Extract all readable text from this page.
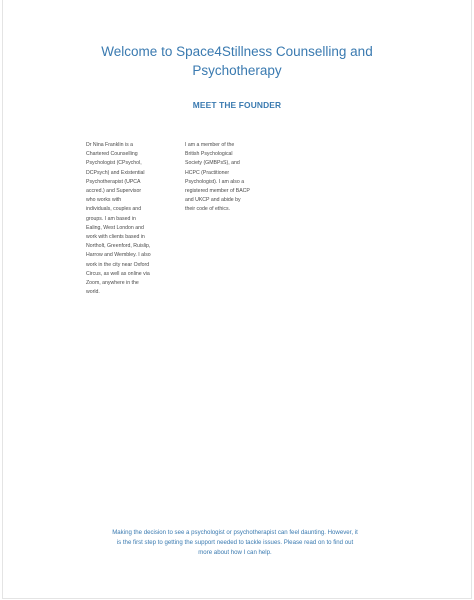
Welcome to Space4Stillness Counselling and
Psychotherapy
MEET THE FOUNDER
Dr Nina Franklin is a
Chartered Counselling
Psychologist (CPsychol,
DCPsych) and Existential
Psychotherapist (UPCA
accred.) and Supervisor
who works with
individuals, couples and
groups. I am based in
Ealing, West London and
work with clients based in
Northolt, Greenford, Ruislip,
Harrow and Wembley. I also
work in the city near Oxford
Circus, as well as online via
Zoom, anywhere in the
world.
I am a member of the
British Psychological
Society (GMBPsS), and
HCPC (Practitioner
Psychologist). I am also a
registered member of BACP
and UKCP and abide by
their code of ethics.
Making the decision to see a psychologist or psychotherapist can feel daunting. However, it
is the first step to getting the support needed to tackle issues. Please read on to find out
more about how I can help.
